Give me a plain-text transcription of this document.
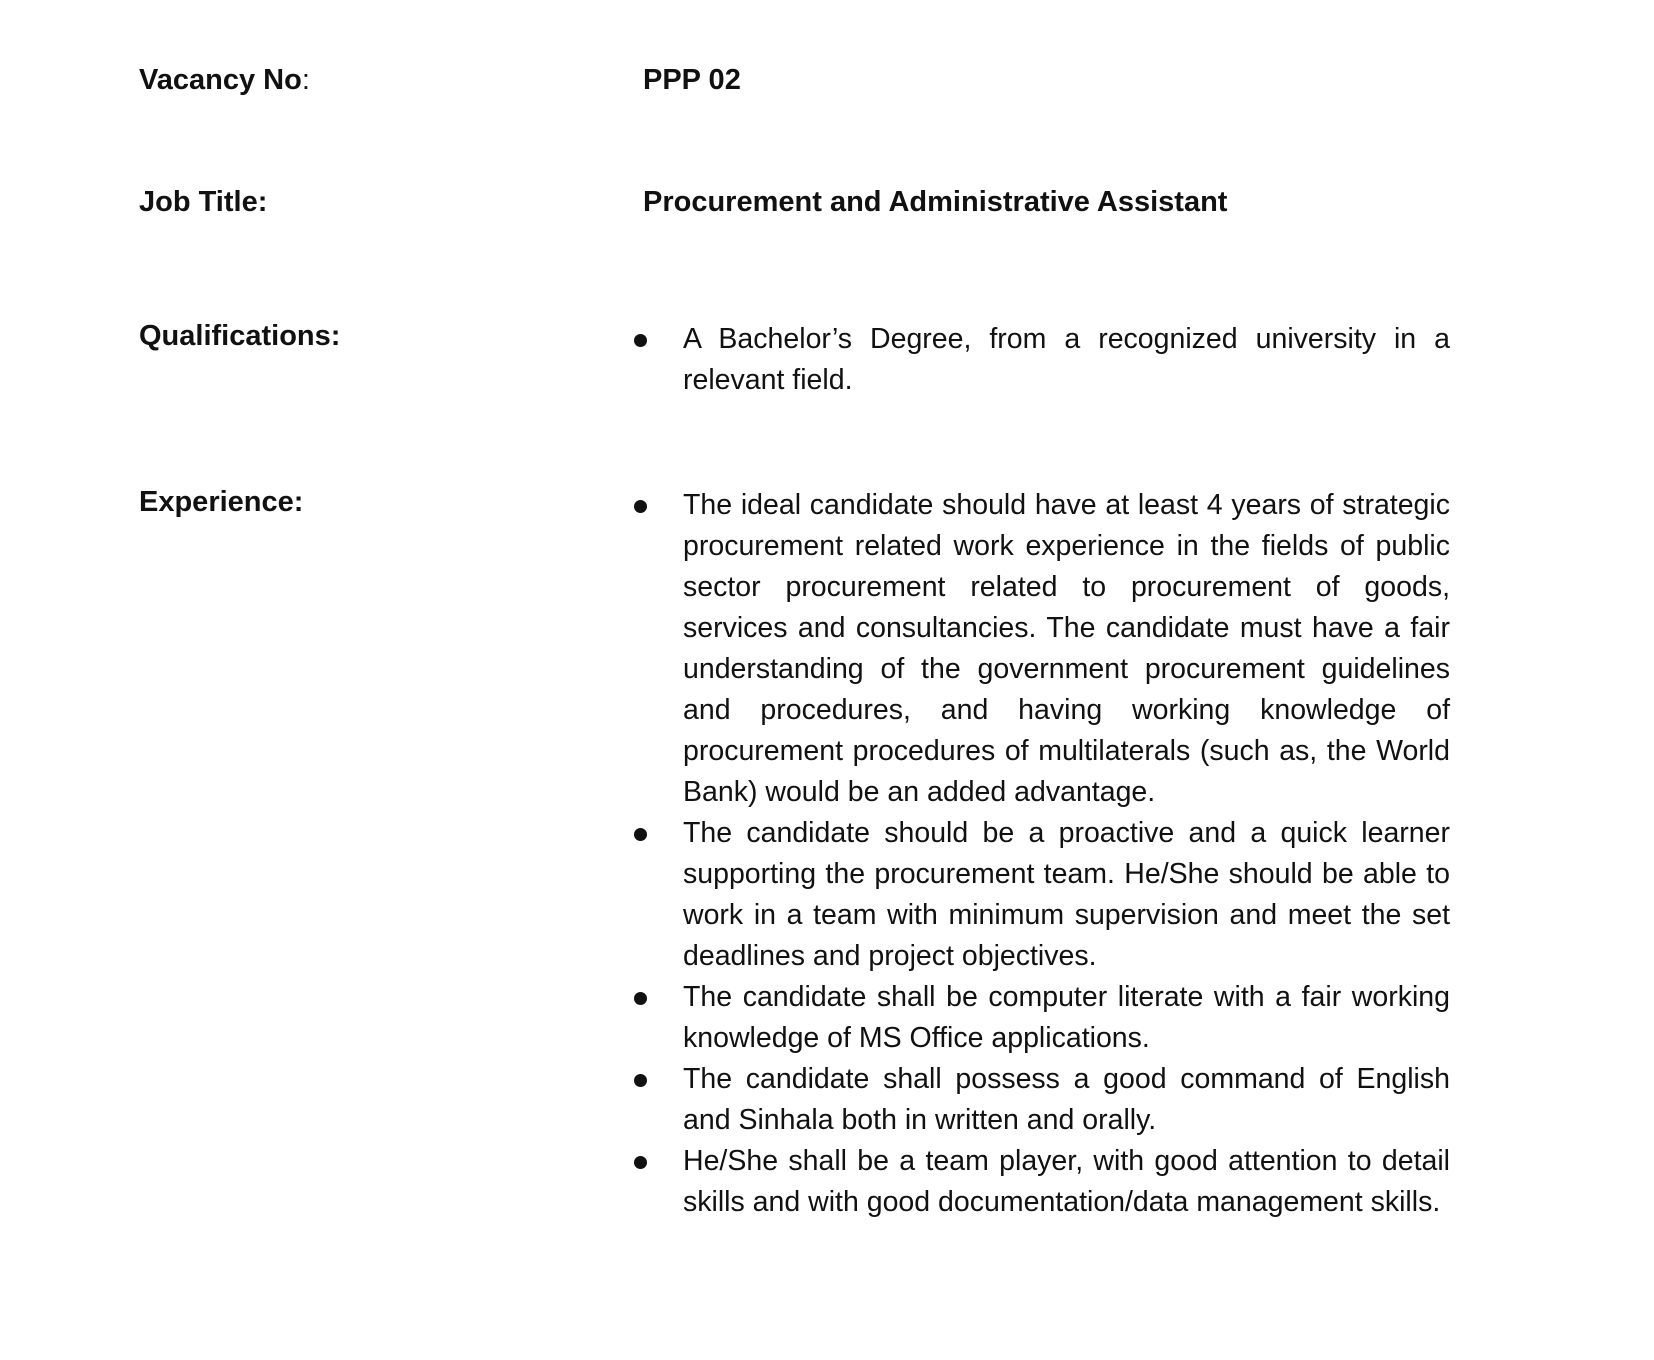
Vacancy No:	PPP 02
Job Title:	Procurement and Administrative Assistant
Qualifications:	A Bachelor’s Degree, from a recognized university in a relevant field.
Experience:	The ideal candidate should have at least 4 years of strategic procurement related work experience in the fields of public sector procurement related to procurement of goods, services and consultancies. The candidate must have a fair understanding of the government procurement guidelines and procedures, and having working knowledge of procurement procedures of multilaterals (such as, the World Bank) would be an added advantage.
The candidate should be a proactive and a quick learner supporting the procurement team. He/She should be able to work in a team with minimum supervision and meet the set deadlines and project objectives.
The candidate shall be computer literate with a fair working knowledge of MS Office applications.
The candidate shall possess a good command of English and Sinhala both in written and orally.
He/She shall be a team player, with good attention to detail skills and with good documentation/data management skills.
